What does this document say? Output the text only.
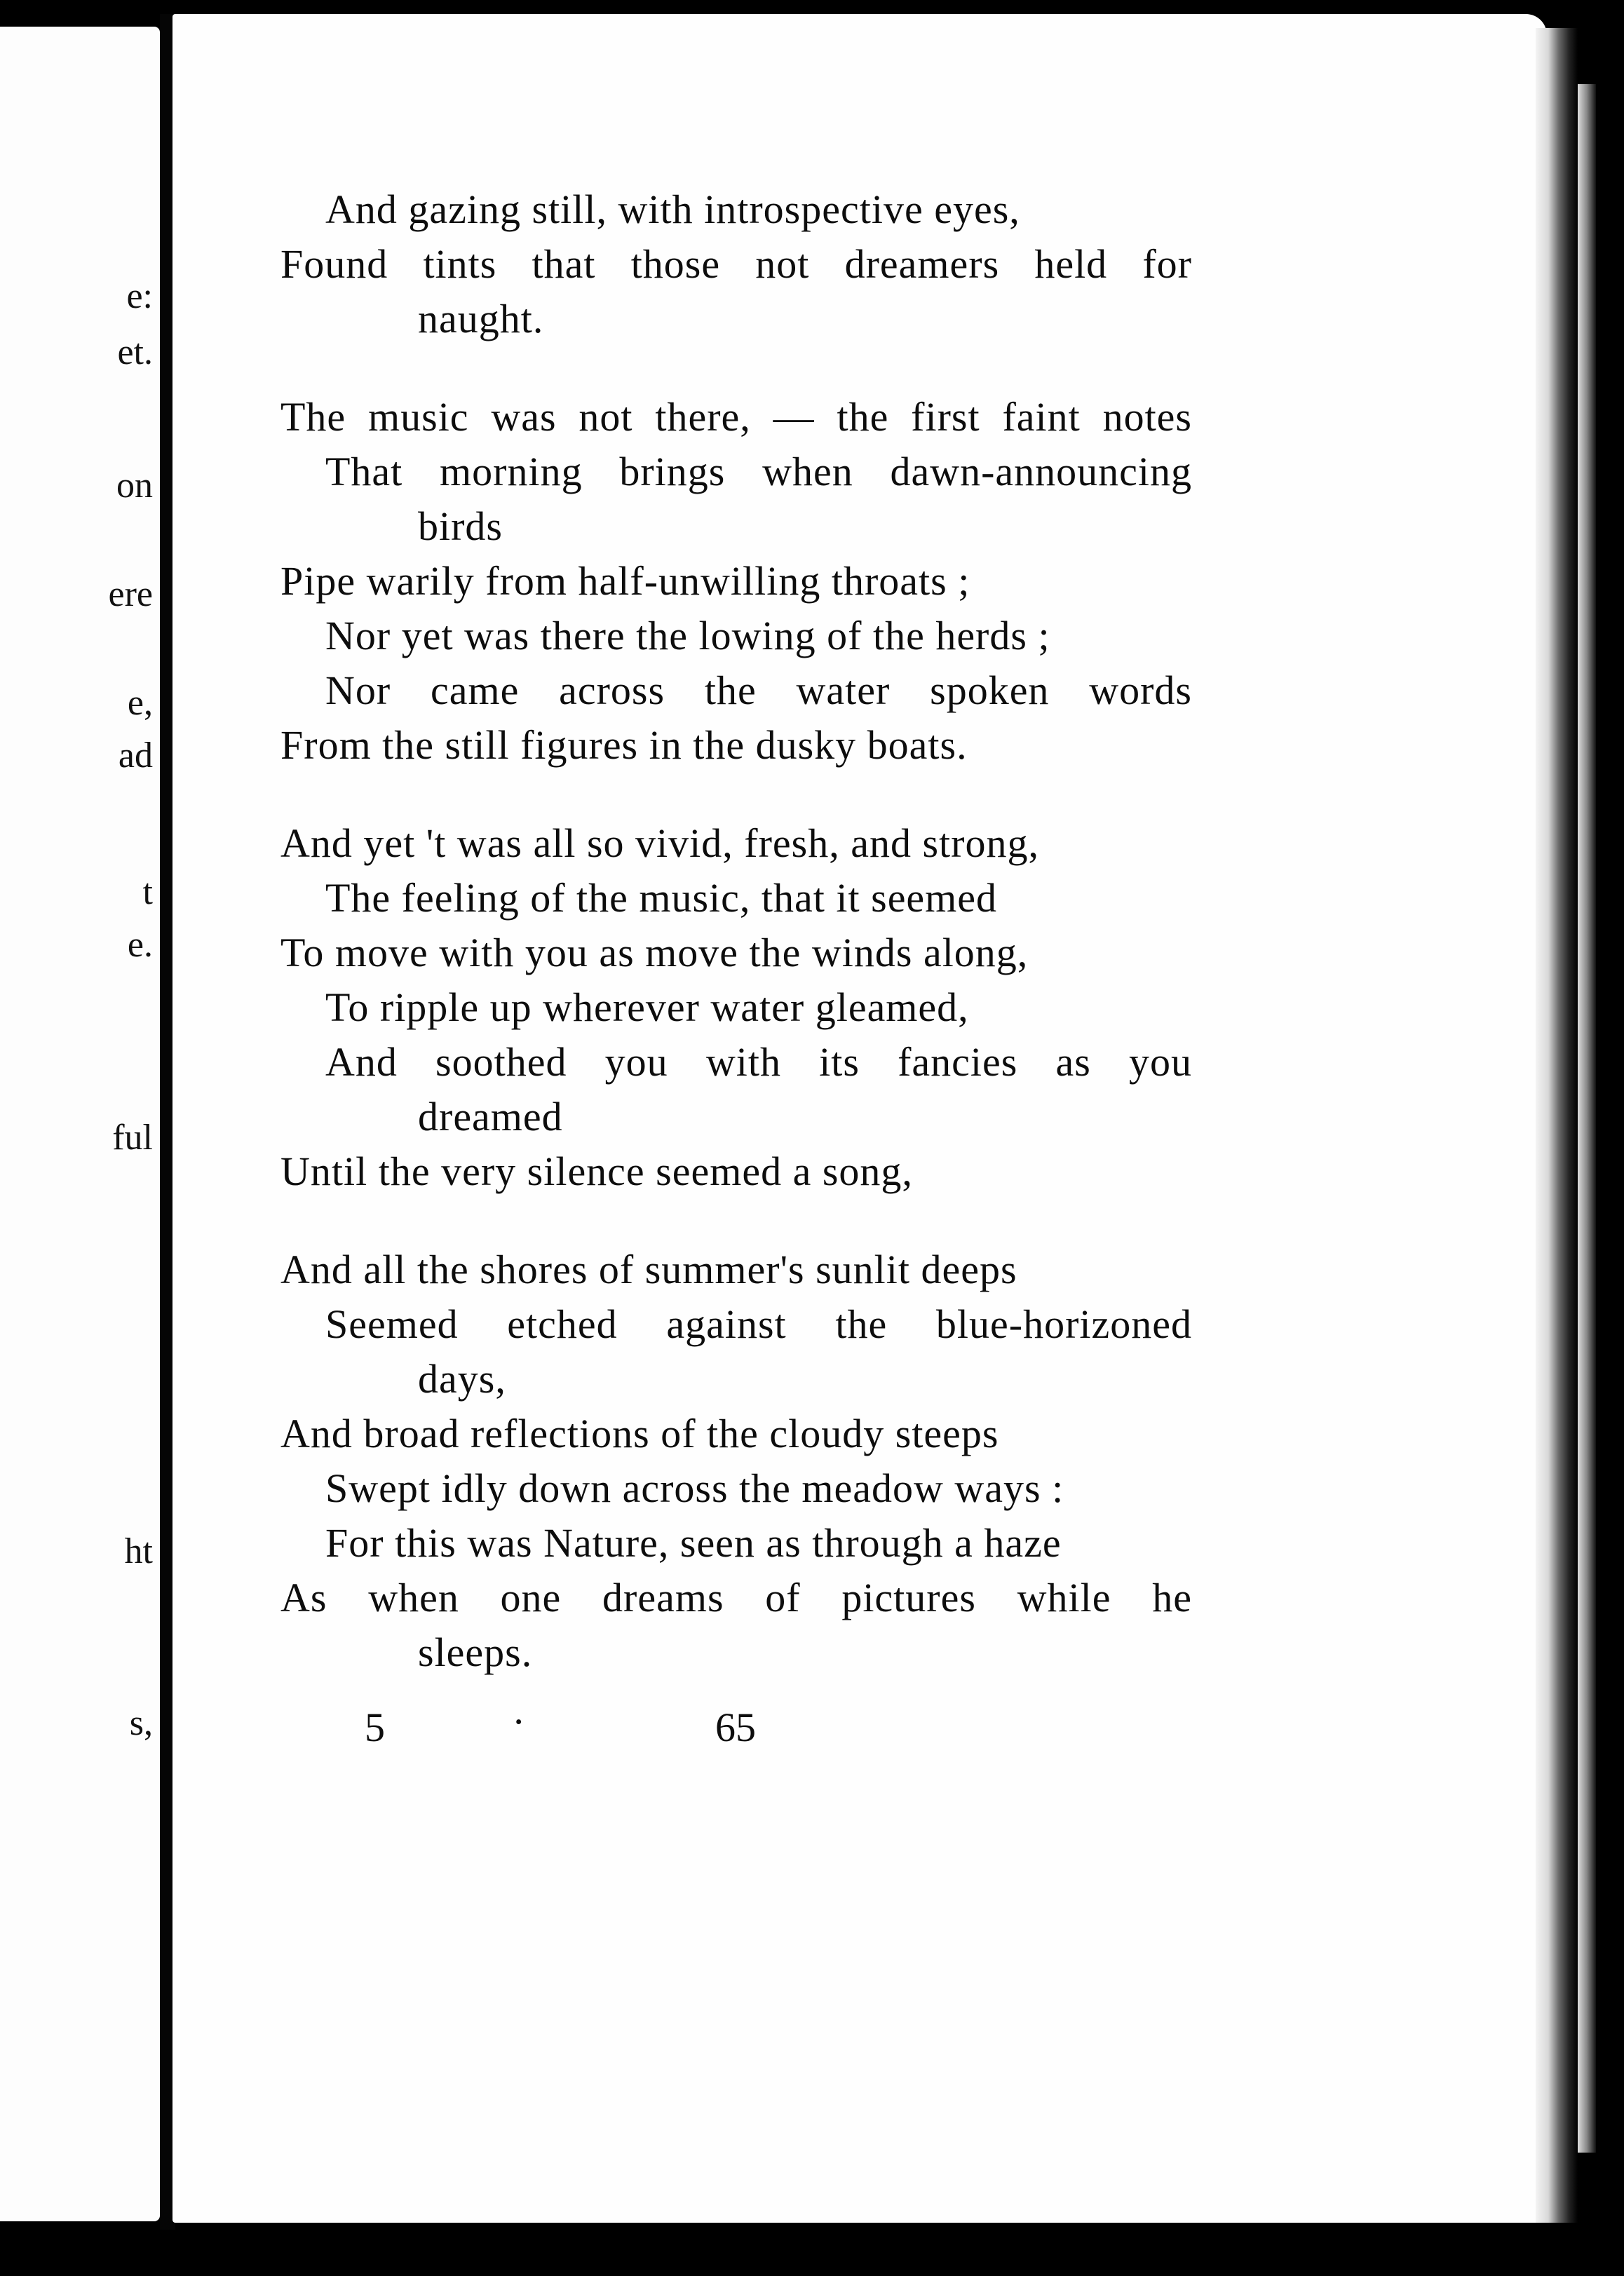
e:
et.
on
ere
e,
ad
t
e.
ful
ht
s,
And gazing still, with introspective eyes,
Found tints that those not dreamers held for
naught.
The music was not there, — the first faint notes
That morning brings when dawn-announcing
birds
Pipe warily from half-unwilling throats ;
Nor yet was there the lowing of the herds ;
Nor came across the water spoken words
From the still figures in the dusky boats.
And yet 't was all so vivid, fresh, and strong,
The feeling of the music, that it seemed
To move with you as move the winds along,
To ripple up wherever water gleamed,
And soothed you with its fancies as you
dreamed
Until the very silence seemed a song,
And all the shores of summer's sunlit deeps
Seemed etched against the blue-horizoned
days,
And broad reflections of the cloudy steeps
Swept idly down across the meadow ways :
For this was Nature, seen as through a haze
As when one dreams of pictures while he
sleeps.
5	·	65
